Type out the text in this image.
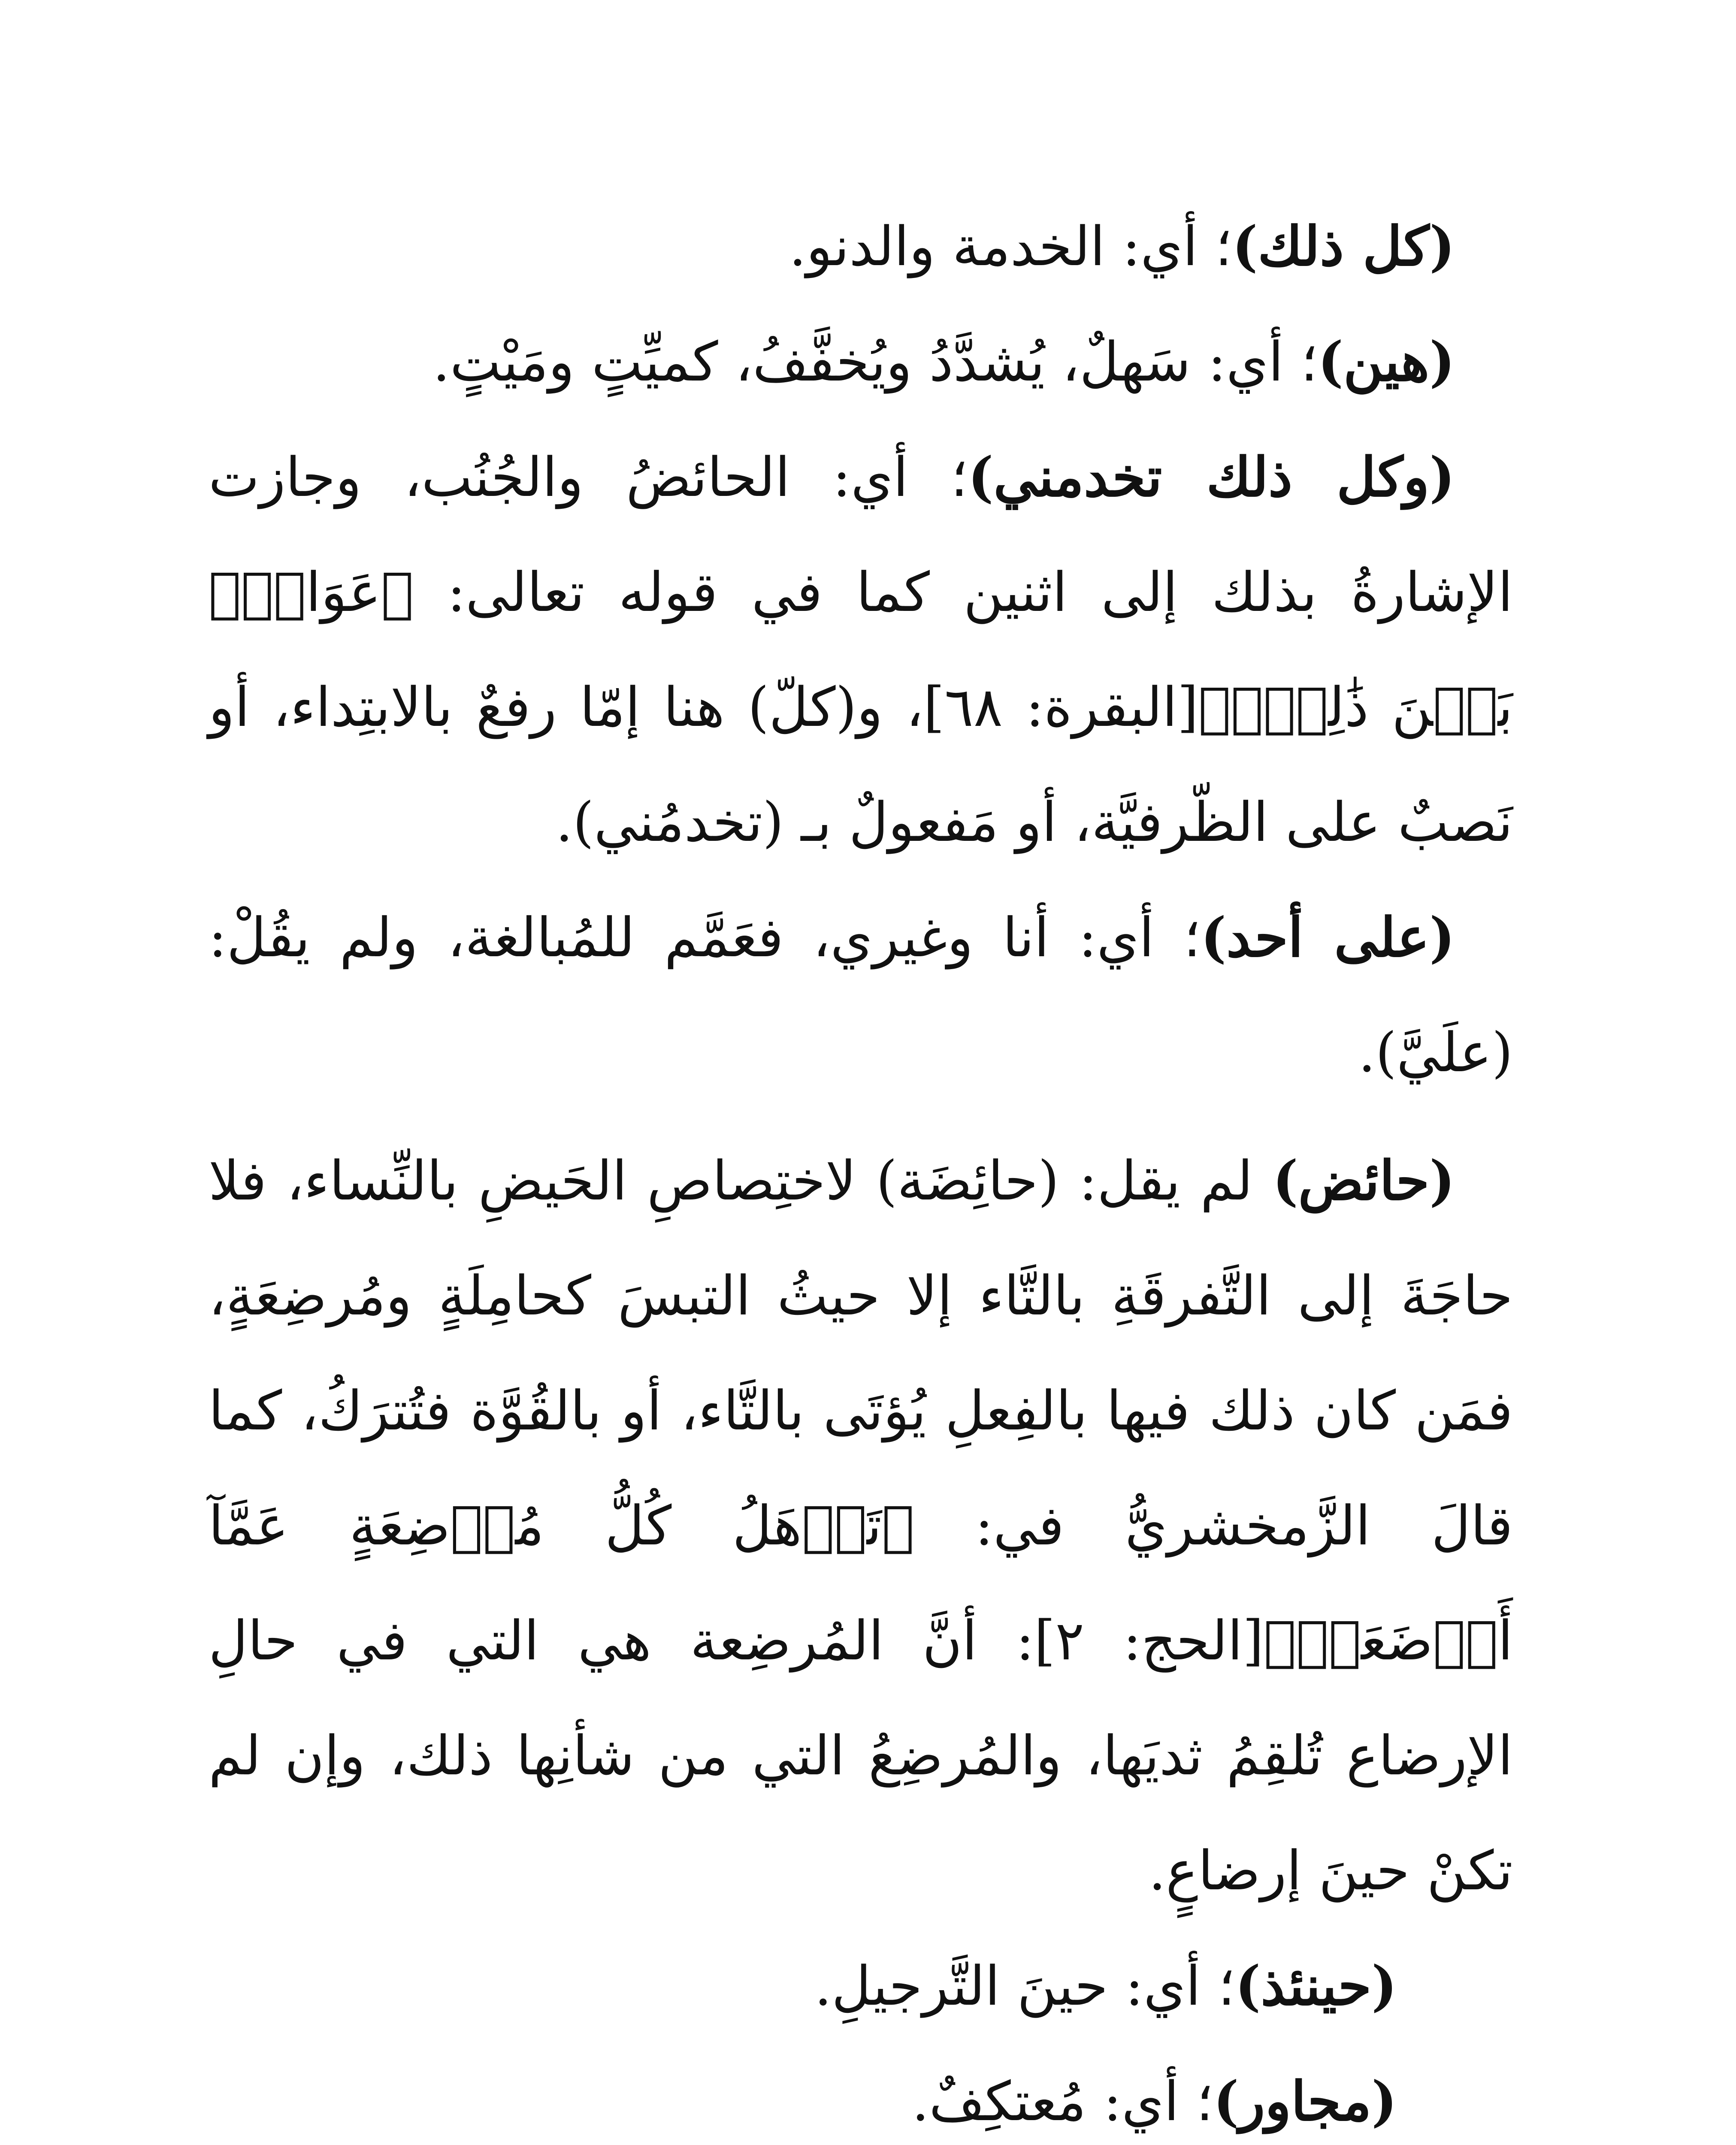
(كل ذلك)؛ أي: الخدمة والدنو.

(هين)؛ أي: سَهلٌ، يُشدَّدُ ويُخفَّفُ، كميِّتٍ ومَيْتٍ.

(وكل ذلك تخدمني)؛ أي: الحائضُ والجُنُب، وجازت الإشارةُ بذلك إلى اثنين كما في قوله تعالى: ﴿عَوَانٌۢ بَيۡنَ ذَٰلِكَۖ﴾[البقرة: ٦٨]، و(كلّ) هنا إمّا رفعٌ بالابتِداء، أو نَصبٌ على الظّرفيَّة، أو مَفعولٌ بـ (تخدمُني).

(على أحد)؛ أي: أنا وغيري، فعَمَّم للمُبالغة، ولم يقُلْ: (علَيَّ).

(حائض) لم يقل: (حائِضَة) لاختِصاصِ الحَيضِ بالنِّساء، فلا حاجَةَ إلى التَّفرقَةِ بالتَّاء إلا حيثُ التبسَ كحامِلَةٍ ومُرضِعَةٍ، فمَن كان ذلك فيها بالفِعلِ يُؤتَى بالتَّاء، أو بالقُوَّة فتُترَكُ، كما قالَ الزَّمخشريُّ في: ﴿تَذۡهَلُ كُلُّ مُرۡضِعَةٍ عَمَّآ أَرۡضَعَتۡ﴾[الحج: ٢]: أنَّ المُرضِعة هي التي في حالِ الإرضاع تُلقِمُ ثديَها، والمُرضِعُ التي من شأنِها ذلك، وإن لم تكنْ حينَ إرضاعٍ.

(حينئذ)؛ أي: حينَ التَّرجيلِ.

(مجاور)؛ أي: مُعتكِفٌ.
